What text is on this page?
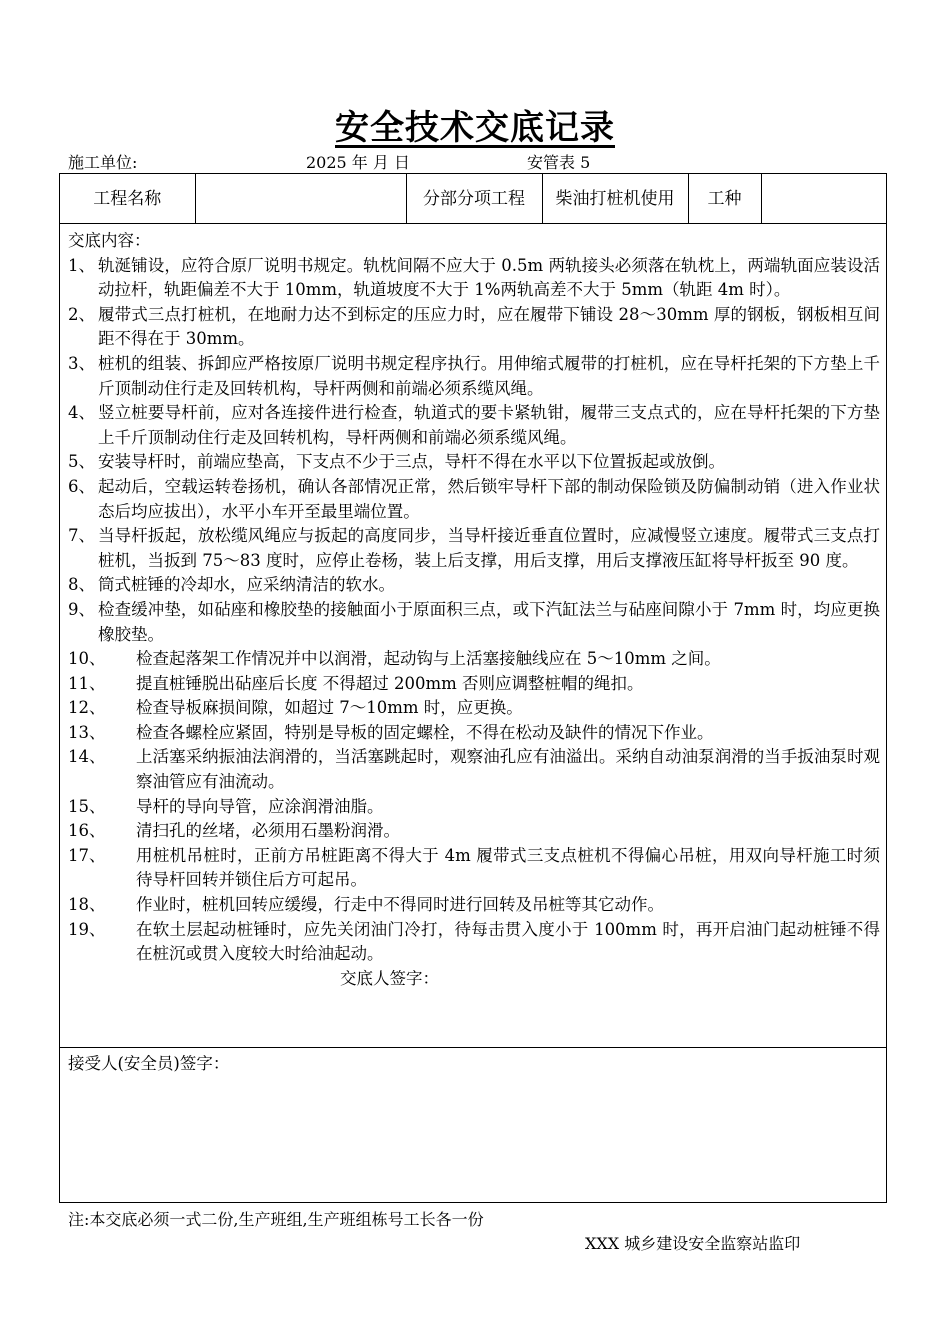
安全技术交底记录
施工单位:	2025 年 月 日	安管表 5
工程名称		分部分项工程	柴油打桩机使用	工种	
交底内容：
1、 轨涎铺设，应符合原厂说明书规定。轨枕间隔不应大于 0.5m 两轨接头必须落在轨枕上，两端轨面应装设活动拉杆，轨距偏差不大于 10mm，轨道坡度不大于 1%两轨高差不大于 5mm（轨距 4m 时）。
2、 履带式三点打桩机，在地耐力达不到标定的压应力时，应在履带下铺设 28～30mm 厚的钢板，钢板相互间距不得在于 30mm。
3、 桩机的组装、拆卸应严格按原厂说明书规定程序执行。用伸缩式履带的打桩机，应在导杆托架的下方垫上千斤顶制动住行走及回转机构，导杆两侧和前端必须系缆风绳。
4、 竖立桩要导杆前，应对各连接件进行检查，轨道式的要卡紧轨钳，履带三支点式的，应在导杆托架的下方垫上千斤顶制动住行走及回转机构，导杆两侧和前端必须系缆风绳。
5、 安装导杆时，前端应垫高，下支点不少于三点，导杆不得在水平以下位置扳起或放倒。
6、 起动后，空载运转卷扬机，确认各部情况正常，然后锁牢导杆下部的制动保险锁及防偏制动销（进入作业状态后均应拔出），水平小车开至最里端位置。
7、 当导杆扳起，放松缆风绳应与扳起的高度同步，当导杆接近垂直位置时，应减慢竖立速度。履带式三支点打桩机，当扳到 75～83 度时，应停止卷杨，装上后支撑，用后支撑，用后支撑液压缸将导杆扳至 90 度。
8、 筒式桩锤的冷却水，应采纳清洁的软水。
9、 检查缓冲垫，如砧座和橡胶垫的接触面小于原面积三点，或下汽缸法兰与砧座间隙小于 7mm 时，均应更换橡胶垫。
10、 检查起落架工作情况并中以润滑，起动钩与上活塞接触线应在 5～10mm 之间。
11、 提直桩锤脱出砧座后长度 不得超过 200mm 否则应调整桩帽的绳扣。
12、 检查导板麻损间隙，如超过 7～10mm 时，应更换。
13、 检查各螺栓应紧固，特别是导板的固定螺栓，不得在松动及缺件的情况下作业。
14、 上活塞采纳振油法润滑的，当活塞跳起时，观察油孔应有油溢出。采纳自动油泵润滑的当手扳油泵时观察油管应有油流动。
15、 导杆的导向导管，应涂润滑油脂。
16、 清扫孔的丝堵，必须用石墨粉润滑。
17、 用桩机吊桩时，正前方吊桩距离不得大于 4m 履带式三支点桩机不得偏心吊桩，用双向导杆施工时须待导杆回转并锁住后方可起吊。
18、 作业时，桩机回转应缓缦，行走中不得同时进行回转及吊桩等其它动作。
19、 在软土层起动桩锤时，应先关闭油门冷打，待每击贯入度小于 100mm 时，再开启油门起动桩锤不得在桩沉或贯入度较大时给油起动。
交底人签字：
接受人(安全员)签字：
注:本交底必须一式二份,生产班组,生产班组栋号工长各一份
XXX 城乡建设安全监察站监印
